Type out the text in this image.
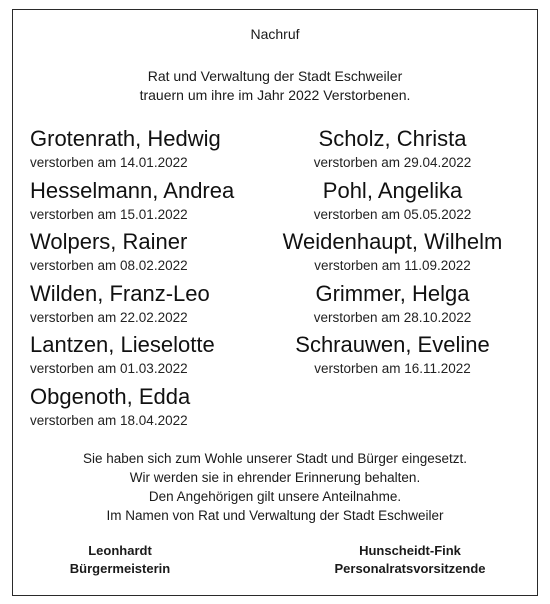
Nachruf
Rat und Verwaltung der Stadt Eschweiler
trauern um ihre im Jahr 2022 Verstorbenen.
Grotenrath, Hedwig
verstorben am 14.01.2022
Hesselmann, Andrea
verstorben am 15.01.2022
Wolpers, Rainer
verstorben am 08.02.2022
Wilden, Franz-Leo
verstorben am 22.02.2022
Lantzen, Lieselotte
verstorben am 01.03.2022
Obgenoth, Edda
verstorben am 18.04.2022
Scholz, Christa
verstorben am 29.04.2022
Pohl, Angelika
verstorben am 05.05.2022
Weidenhaupt, Wilhelm
verstorben am 11.09.2022
Grimmer, Helga
verstorben am 28.10.2022
Schrauwen, Eveline
verstorben am 16.11.2022
Sie haben sich zum Wohle unserer Stadt und Bürger eingesetzt.
Wir werden sie in ehrender Erinnerung behalten.
Den Angehörigen gilt unsere Anteilnahme.
Im Namen von Rat und Verwaltung der Stadt Eschweiler
Leonhardt
Bürgermeisterin
Hunscheidt-Fink
Personalratsvorsitzende
